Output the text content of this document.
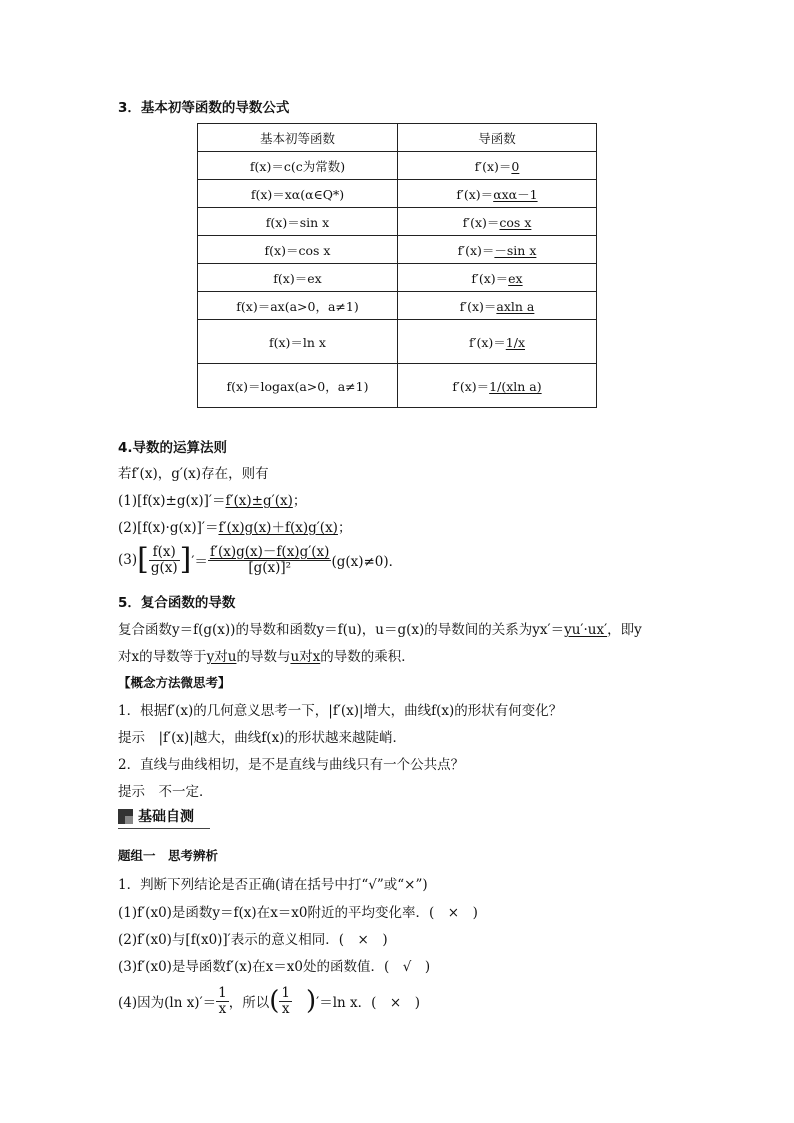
3．基本初等函数的导数公式
基本初等函数	导函数
f(x)＝c(c为常数)	f′(x)＝0
f(x)＝xα(α∈Q*)	f′(x)＝αxα－1
f(x)＝sin x	f′(x)＝cos x
f(x)＝cos x	f′(x)＝－sin x
f(x)＝ex	f′(x)＝ex
f(x)＝ax(a>0，a≠1)	f′(x)＝axln a
f(x)＝ln x	f′(x)＝1/x
f(x)＝logax(a>0，a≠1)	f′(x)＝1/(xln a)
4.导数的运算法则
若f′(x)，g′(x)存在，则有
(1)[f(x)±g(x)]′＝f′(x)±g′(x)；
(2)[f(x)·g(x)]′＝f′(x)g(x)＋f(x)g′(x)；
(3) [ $\frac{f(x)}{g(x)}$ ] ′＝ $\frac{f'(x)g(x)-f(x)g'(x)}{\text{[g(x)]²}} (g(x)\ne 0)$．
5．复合函数的导数
复合函数y＝f(g(x))的导数和函数y＝f(u)，u＝g(x)的导数间的关系为yx′＝yu′·ux′，即y
对x的导数等于y对u的导数与u对x的导数的乘积．
【概念方法微思考】
1．根据f′(x)的几何意义思考一下，|f′(x)|增大，曲线f(x)的形状有何变化？
提示　|f′(x)|越大，曲线f(x)的形状越来越陡峭．
2．直线与曲线相切，是不是直线与曲线只有一个公共点？
提示　不一定．
基础自测
题组一　思考辨析
1．判断下列结论是否正确(请在括号中打“√”或“×”)
(1)f′(x0)是函数y＝f(x)在x＝x0附近的平均变化率．(　×　)
(2)f′(x0)与[f(x0)]′表示的意义相同．(　×　)
(3)f′(x0)是导函数f′(x)在x＝x0处的函数值．(　√　)
(4)因为(ln $x)'= \frac{1}{x}$ ，所以 ( $\frac{1}{x}$ ) ′＝ln x．(　×　)
